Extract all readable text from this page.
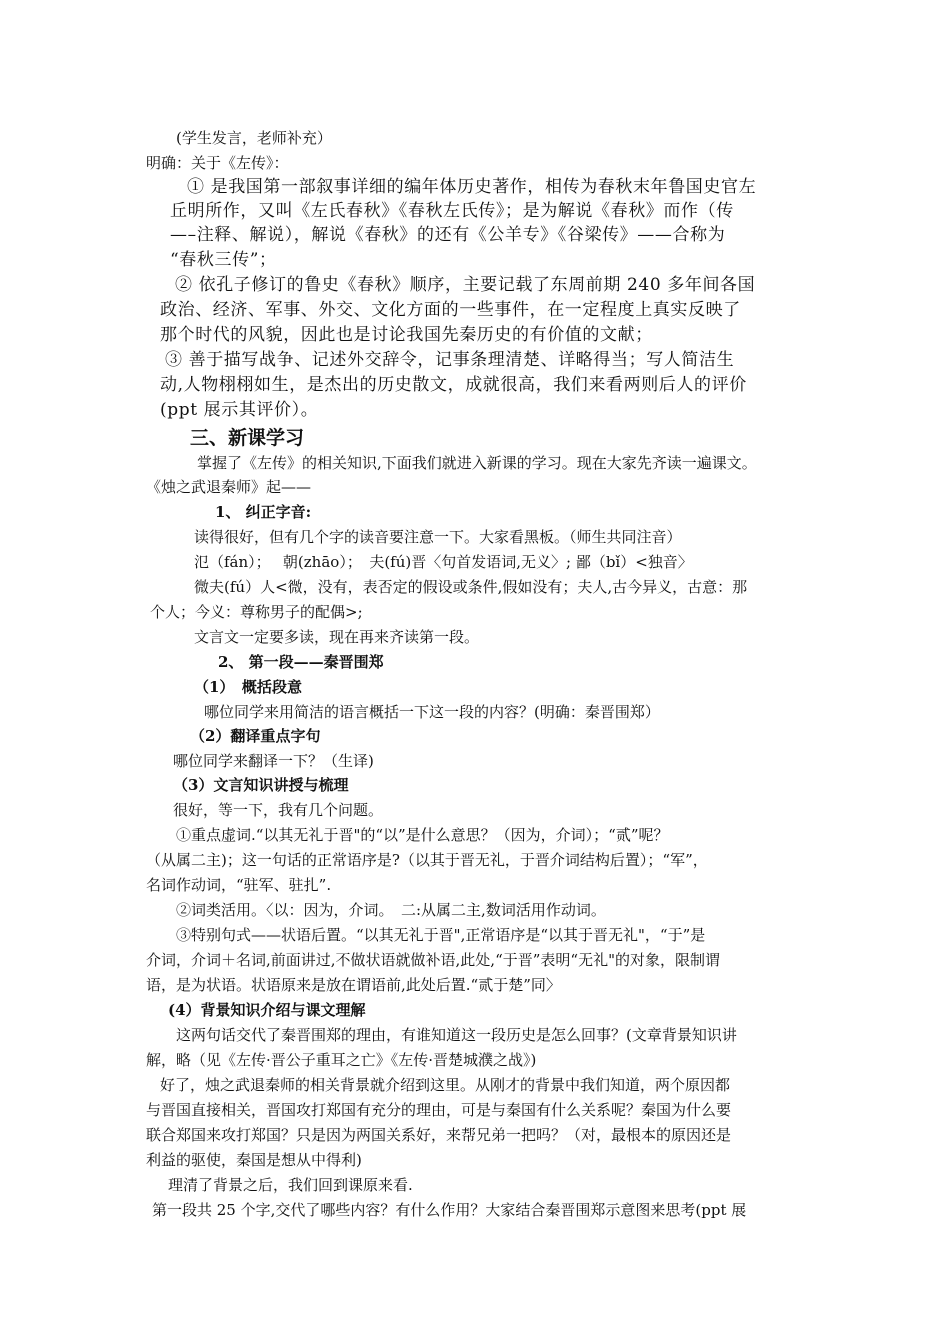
(学生发言，老师补充）
明确：关于《左传》：
① 是我国第一部叙事详细的编年体历史著作，相传为春秋末年鲁国史官左
丘明所作，又叫《左氏春秋》《春秋左氏传》；是为解说《春秋》而作（传
—–注释、解说），解说《春秋》的还有《公羊专》《谷梁传》——合称为
“春秋三传”；
② 依孔子修订的鲁史《春秋》顺序，主要记载了东周前期 240 多年间各国
政治、经济、军事、外交、文化方面的一些事件，在一定程度上真实反映了
那个时代的风貌，因此也是讨论我国先秦历史的有价值的文献；
③ 善于描写战争、记述外交辞令，记事条理清楚、详略得当；写人简洁生
动,人物栩栩如生，是杰出的历史散文，成就很高，我们来看两则后人的评价
(ppt 展示其评价）。
三、新课学习
掌握了《左传》的相关知识,下面我们就进入新课的学习。现在大家先齐读一遍课文。
《烛之武退秦师》起——
1、 纠正字音:
读得很好，但有几个字的读音要注意一下。大家看黑板。（师生共同注音）
氾（fán）；　 朝(zhāo）；　夫(fú)晋〈句首发语词,无义〉; 鄙（bǐ）<独音〉
微夫(fú）人<微，没有，表否定的假设或条件,假如没有；夫人,古今异义，古意：那
个人；今义：尊称男子的配偶>;
文言文一定要多读，现在再来齐读第一段。
2、 第一段——秦晋围郑
（1）　概括段意
哪位同学来用简洁的语言概括一下这一段的内容？(明确：秦晋围郑）
（2）翻译重点字句
哪位同学来翻译一下？（生译)
（3）文言知识讲授与梳理
很好，等一下，我有几个问题。
①重点虚词.“以其无礼于晋"的“以”是什么意思？（因为，介词）；“贰”呢？
（从属二主)；这一句话的正常语序是?（以其于晋无礼，于晋介词结构后置）；“军”，
名词作动词，“驻军、驻扎”.
②词类活用。〈以：因为，介词。　二:从属二主,数词活用作动词。
③特别句式——状语后置。“以其无礼于晋",正常语序是“以其于晋无礼"，“于”是
介词，介词＋名词,前面讲过,不做状语就做补语,此处,“于晋”表明“无礼"的对象，限制谓
语，是为状语。状语原来是放在谓语前,此处后置.“贰于楚”同〉
(4）背景知识介绍与课文理解
这两句话交代了秦晋围郑的理由，有谁知道这一段历史是怎么回事？(文章背景知识讲
解，略（见《左传·晋公子重耳之亡》《左传·晋楚城濮之战》)
好了，烛之武退秦师的相关背景就介绍到这里。从刚才的背景中我们知道，两个原因都
与晋国直接相关，晋国攻打郑国有充分的理由，可是与秦国有什么关系呢？秦国为什么要
联合郑国来攻打郑国？只是因为两国关系好，来帮兄弟一把吗？（对，最根本的原因还是
利益的驱使，秦国是想从中得利)
理清了背景之后，我们回到课原来看.
第一段共 25 个字,交代了哪些内容？有什么作用？大家结合秦晋围郑示意图来思考(ppt 展
